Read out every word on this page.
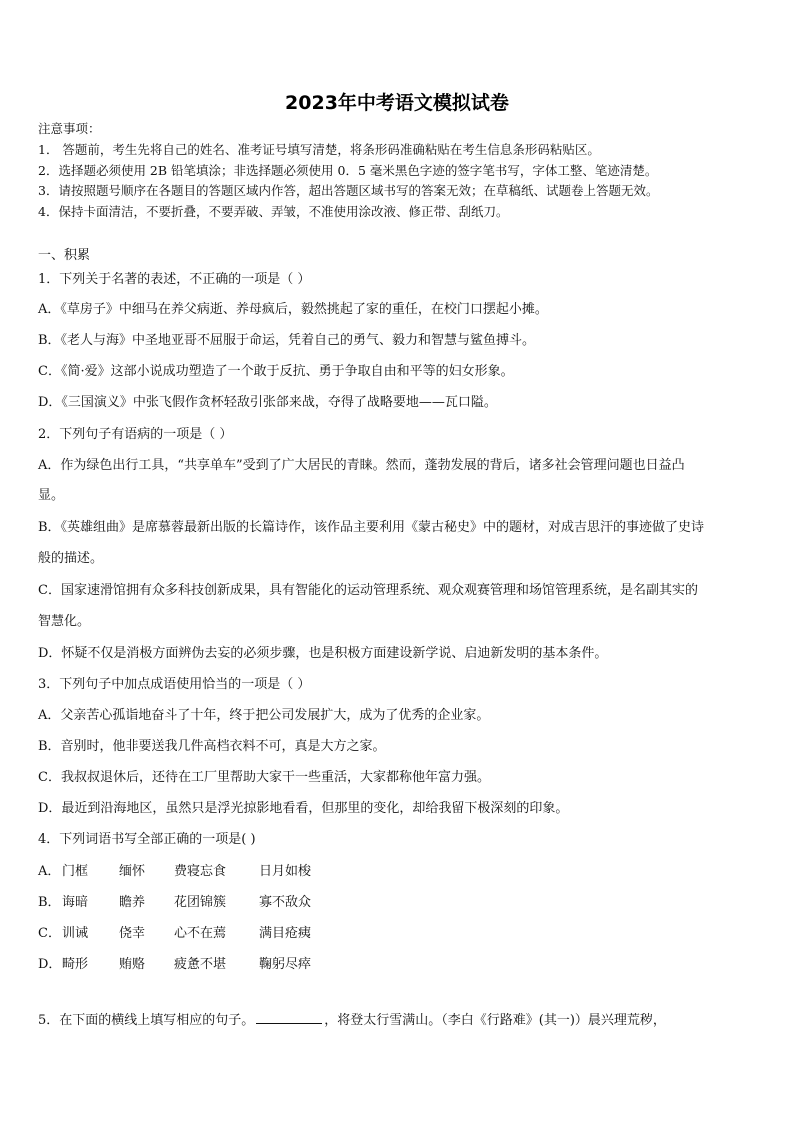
2023年中考语文模拟试卷
注意事项：
1． 答题前，考生先将自己的姓名、准考证号填写清楚，将条形码准确粘贴在考生信息条形码粘贴区。
2．选择题必须使用 2B 铅笔填涂；非选择题必须使用 0．5 毫米黑色字迹的签字笔书写，字体工整、笔迹清楚。
3．请按照题号顺序在各题目的答题区域内作答，超出答题区域书写的答案无效；在草稿纸、试题卷上答题无效。
4．保持卡面清洁，不要折叠，不要弄破、弄皱，不准使用涂改液、修正带、刮纸刀。
一、积累
1．下列关于名著的表述，不正确的一项是（ ）
A．《草房子》中细马在养父病逝、养母疯后，毅然挑起了家的重任，在校门口摆起小摊。
B．《老人与海》中圣地亚哥不屈服于命运，凭着自己的勇气、毅力和智慧与鲨鱼搏斗。
C．《简·爱》这部小说成功塑造了一个敢于反抗、勇于争取自由和平等的妇女形象。
D．《三国演义》中张飞假作贪杯轻敌引张郃来战，夺得了战略要地——瓦口隘。
2．下列句子有语病的一项是（ ）
A．作为绿色出行工具，“共享单车”受到了广大居民的青睐。然而，蓬勃发展的背后，诸多社会管理问题也日益凸
显。
B．《英雄组曲》是席慕蓉最新出版的长篇诗作，该作品主要利用《蒙古秘史》中的题材，对成吉思汗的事迹做了史诗
般的描述。
C．国家速滑馆拥有众多科技创新成果，具有智能化的运动管理系统、观众观赛管理和场馆管理系统，是名副其实的
智慧化。
D．怀疑不仅是消极方面辨伪去妄的必须步骤，也是积极方面建设新学说、启迪新发明的基本条件。
3．下列句子中加点成语使用恰当的一项是（ ）
A．父亲苦心孤诣地奋斗了十年，终于把公司发展扩大，成为了优秀的企业家。
B．音别时，他非要送我几件高档衣料不可，真是大方之家。
C．我叔叔退休后，还待在工厂里帮助大家干一些重活，大家都称他年富力强。
D．最近到沿海地区，虽然只是浮光掠影地看看，但那里的变化，却给我留下极深刻的印象。
4．下列词语书写全部正确的一项是( )
A． 门框 缅怀 费寝忘食	日月如梭
B． 诲暗 瞻养 花团锦簇	寡不敌众
C． 训诫 侥幸 心不在蔫	满目疮痍
D． 畸形 贿赂 疲惫不堪	鞠躬尽瘁
5．在下面的横线上填写相应的句子。	，将登太行雪满山。（李白《行路难》(其一)）晨兴理荒秽，
